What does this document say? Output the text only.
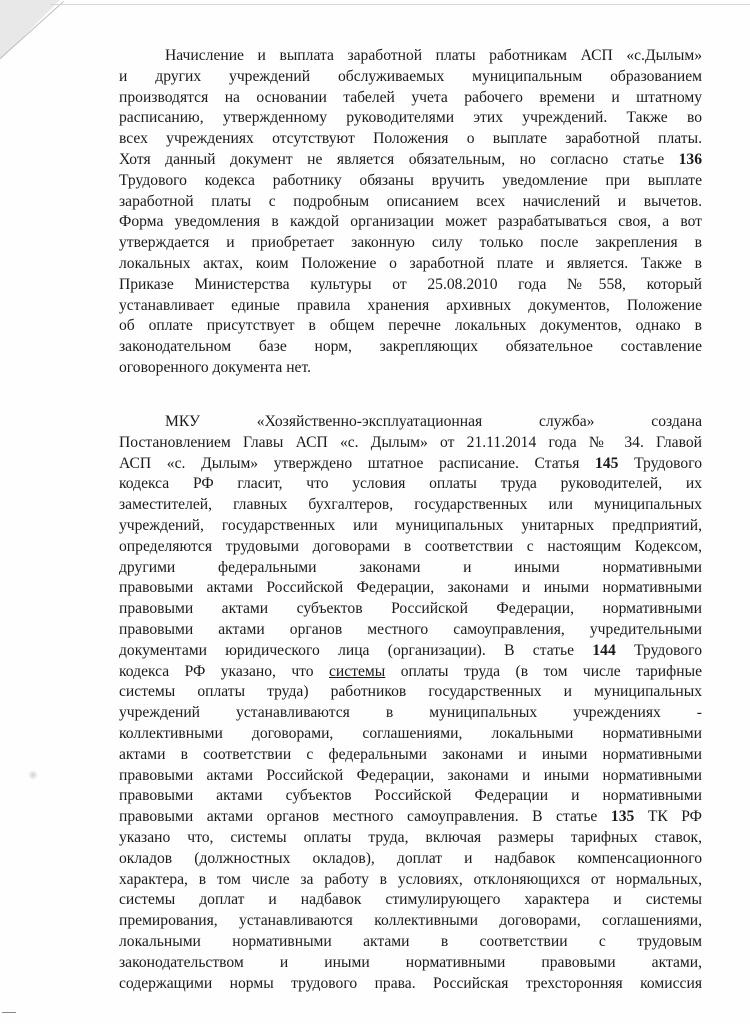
Начисление и выплата заработной платы работникам АСП «с.Дылым»
и других учреждений обслуживаемых муниципальным образованием
производятся на основании табелей учета рабочего времени и штатному
расписанию, утвержденному руководителями этих учреждений. Также во
всех учреждениях отсутствуют Положения о выплате заработной платы.
Хотя данный документ не является обязательным, но согласно статье 136
Трудового кодекса работнику обязаны вручить уведомление при выплате
заработной платы с подробным описанием всех начислений и вычетов.
Форма уведомления в каждой организации может разрабатываться своя, а вот
утверждается и приобретает законную силу только после закрепления в
локальных актах, коим Положение о заработной плате и является. Также в
Приказе Министерства культуры от 25.08.2010 года №558, который
устанавливает единые правила хранения архивных документов, Положение
об оплате присутствует в общем перечне локальных документов, однако в
законодательном базе норм, закрепляющих обязательное составление
оговоренного документа нет.
МКУ «Хозяйственно-эксплуатационная служба» создана
Постановлением Главы АСП «с. Дылым» от 21.11.2014 года № 34. Главой
АСП «с. Дылым» утверждено штатное расписание. Статья 145 Трудового
кодекса РФ гласит, что условия оплаты труда руководителей, их
заместителей, главных бухгалтеров, государственных или муниципальных
учреждений, государственных или муниципальных унитарных предприятий,
определяются трудовыми договорами в соответствии с настоящим Кодексом,
другими федеральными законами и иными нормативными
правовыми актами Российской Федерации, законами и иными нормативными
правовыми актами субъектов Российской Федерации, нормативными
правовыми актами органов местного самоуправления, учредительными
документами юридического лица (организации). В статье 144 Трудового
кодекса РФ указано, что системы оплаты труда (в том числе тарифные
системы оплаты труда) работников государственных и муниципальных
учреждений устанавливаются в муниципальных учреждениях -
коллективными договорами, соглашениями, локальными нормативными
актами в соответствии с федеральными законами и иными нормативными
правовыми актами Российской Федерации, законами и иными нормативными
правовыми актами субъектов Российской Федерации и нормативными
правовыми актами органов местного самоуправления. В статье 135 ТК РФ
указано что, системы оплаты труда, включая размеры тарифных ставок,
окладов (должностных окладов), доплат и надбавок компенсационного
характера, в том числе за работу в условиях, отклоняющихся от нормальных,
системы доплат и надбавок стимулирующего характера и системы
премирования, устанавливаются коллективными договорами, соглашениями,
локальными нормативными актами в соответствии с трудовым
законодательством и иными нормативными правовыми актами,
содержащими нормы трудового права. Российская трехсторонняя комиссия
